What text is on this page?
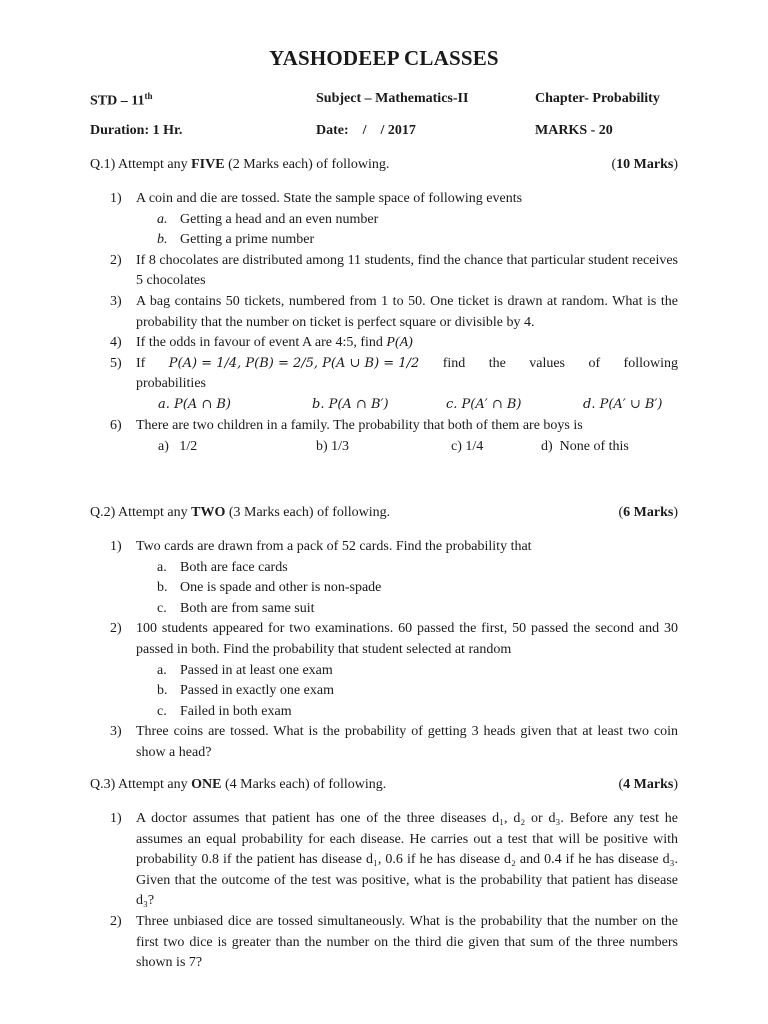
YASHODEEP CLASSES
STD – 11th	Subject – Mathematics-II	Chapter- Probability
Duration: 1 Hr.	Date:    /    / 2017	MARKS - 20
Q.1) Attempt any FIVE (2 Marks each) of following.	(10 Marks)
1) A coin and die are tossed. State the sample space of following events
a. Getting a head and an even number
b. Getting a prime number
2) If 8 chocolates are distributed among 11 students, find the chance that particular student receives 5 chocolates
3) A bag contains 50 tickets, numbered from 1 to 50. One ticket is drawn at random. What is the probability that the number on ticket is perfect square or divisible by 4.
4) If the odds in favour of event A are 4:5, find P(A)
5) If P(A) = 1/4, P(B) = 2/5, P(A ∪ B) = 1/2 find the values of following
probabilities
a. P(A ∩ B)	b. P(A ∩ B′)	c. P(A′ ∩ B)	d. P(A′ ∪ B′)
6) There are two children in a family. The probability that both of them are boys is
a)   1/2	b) 1/3	c) 1/4	d)  None of this
Q.2) Attempt any TWO (3 Marks each) of following.	(6 Marks)
1) Two cards are drawn from a pack of 52 cards. Find the probability that
a. Both are face cards
b. One is spade and other is non-spade
c. Both are from same suit
2) 100 students appeared for two examinations. 60 passed the first, 50 passed the second and 30 passed in both. Find the probability that student selected at random
a. Passed in at least one exam
b. Passed in exactly one exam
c. Failed in both exam
3) Three coins are tossed. What is the probability of getting 3 heads given that at least two coin show a head?
Q.3) Attempt any ONE (4 Marks each) of following.	(4 Marks)
1) A doctor assumes that patient has one of the three diseases d₁, d₂ or d₃. Before any test he assumes an equal probability for each disease. He carries out a test that will be positive with probability 0.8 if the patient has disease d₁, 0.6 if he has disease d₂ and 0.4 if he has disease d₃. Given that the outcome of the test was positive, what is the probability that patient has disease d₃?
2) Three unbiased dice are tossed simultaneously. What is the probability that the number on the first two dice is greater than the number on the third die given that sum of the three numbers shown is 7?
